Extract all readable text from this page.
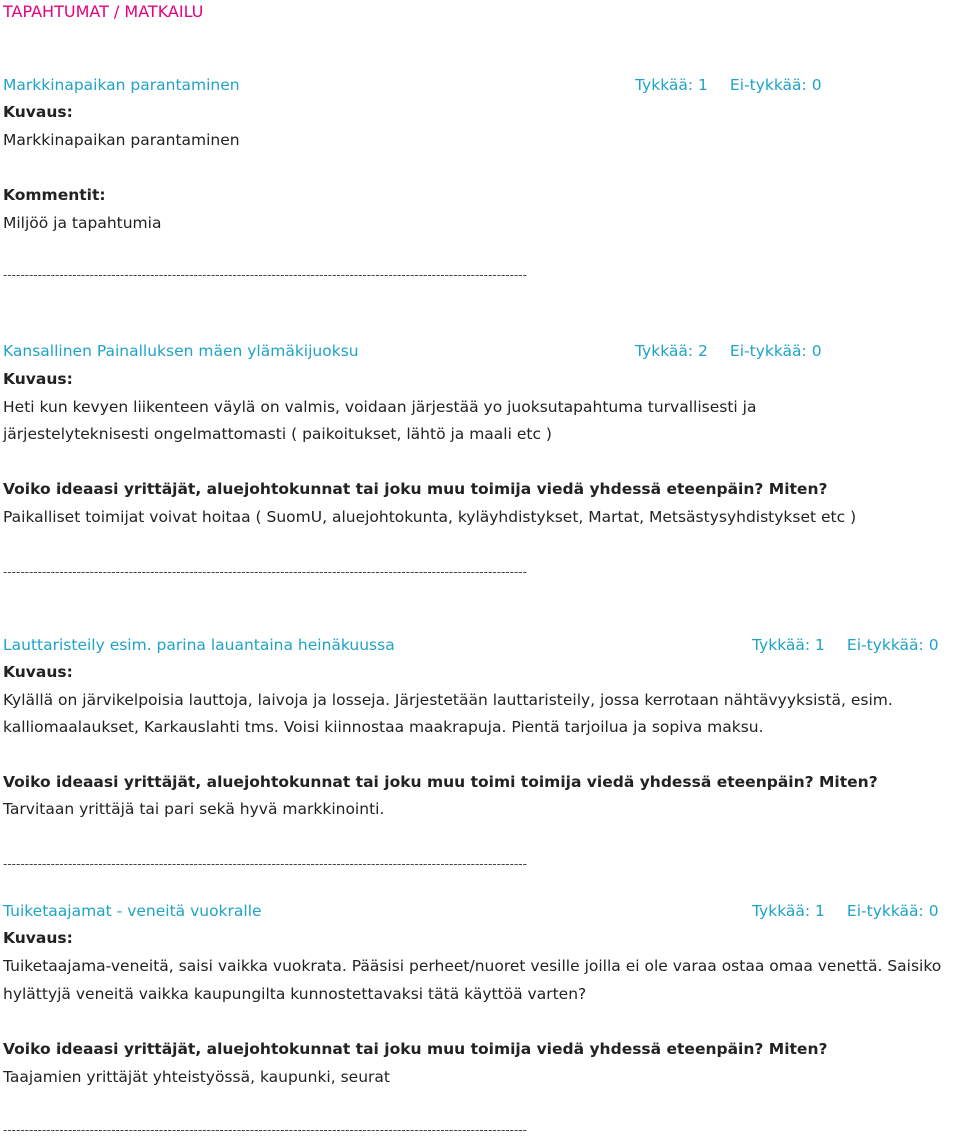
TAPAHTUMAT / MATKAILU
Markkinapaikan parantaminen	Tykkää: 1 Ei-tykkää: 0
Kuvaus:
Markkinapaikan parantaminen
Kommentit:
Miljöö ja tapahtumia
-------------------------------------------------------------------------------------------------------------------------
Kansallinen Painalluksen mäen ylämäkijuoksu	Tykkää: 2 Ei-tykkää: 0
Kuvaus:
Heti kun kevyen liikenteen väylä on valmis, voidaan järjestää yo juoksutapahtuma turvallisesti ja
järjestelyteknisesti ongelmattomasti ( paikoitukset, lähtö ja maali etc )
Voiko ideaasi yrittäjät, aluejohtokunnat tai joku muu toimija viedä yhdessä eteenpäin? Miten?
Paikalliset toimijat voivat hoitaa ( SuomU, aluejohtokunta, kyläyhdistykset, Martat, Metsästysyhdistykset etc )
-------------------------------------------------------------------------------------------------------------------------
Lauttaristeily esim. parina lauantaina heinäkuussa	Tykkää: 1 Ei-tykkää: 0
Kuvaus:
Kylällä on järvikelpoisia lauttoja, laivoja ja losseja. Järjestetään lauttaristeily, jossa kerrotaan nähtävyyksistä, esim.
kalliomaalaukset, Karkauslahti tms. Voisi kiinnostaa maakrapuja. Pientä tarjoilua ja sopiva maksu.
Voiko ideaasi yrittäjät, aluejohtokunnat tai joku muu toimi toimija viedä yhdessä eteenpäin? Miten?
Tarvitaan yrittäjä tai pari sekä hyvä markkinointi.
-------------------------------------------------------------------------------------------------------------------------
Tuiketaajamat - veneitä vuokralle	Tykkää: 1 Ei-tykkää: 0
Kuvaus:
Tuiketaajama-veneitä, saisi vaikka vuokrata. Pääsisi perheet/nuoret vesille joilla ei ole varaa ostaa omaa venettä. Saisiko
hylättyjä veneitä vaikka kaupungilta kunnostettavaksi tätä käyttöä varten?
Voiko ideaasi yrittäjät, aluejohtokunnat tai joku muu toimija viedä yhdessä eteenpäin? Miten?
Taajamien yrittäjät yhteistyössä, kaupunki, seurat
-------------------------------------------------------------------------------------------------------------------------
